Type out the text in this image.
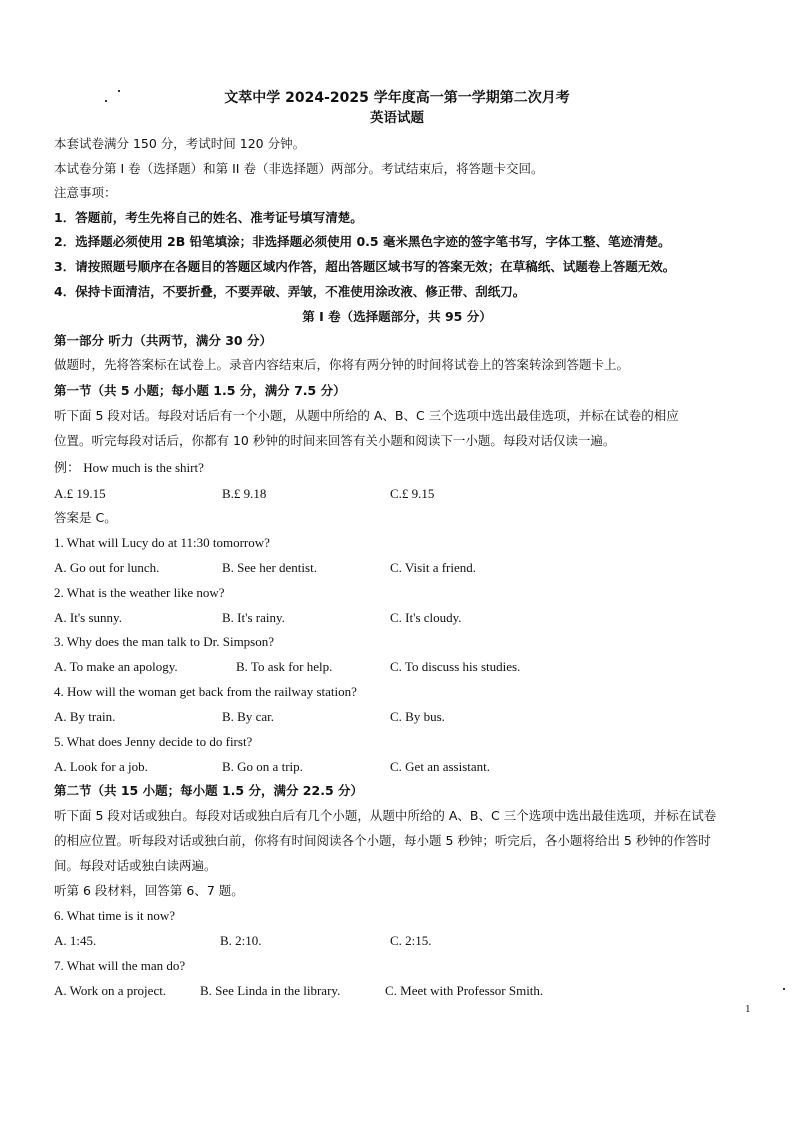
文萃中学 2024-2025 学年度高一第一学期第二次月考
英语试题
本套试卷满分 150 分，考试时间 120 分钟。
本试卷分第 I 卷（选择题）和第 II 卷（非选择题）两部分。考试结束后，将答题卡交回。
注意事项：
1．答题前，考生先将自己的姓名、准考证号填写清楚。
2．选择题必须使用 2B 铅笔填涂；非选择题必须使用 0.5 毫米黑色字迹的签字笔书写，字体工整、笔迹清楚。
3．请按照题号顺序在各题目的答题区域内作答，超出答题区域书写的答案无效；在草稿纸、试题卷上答题无效。
4．保持卡面清洁，不要折叠，不要弄破、弄皱，不准使用涂改液、修正带、刮纸刀。
第 I 卷（选择题部分，共 95 分）
第一部分 听力（共两节，满分 30 分）
做题时，先将答案标在试卷上。录音内容结束后，你将有两分钟的时间将试卷上的答案转涂到答题卡上。
第一节（共 5 小题；每小题 1.5 分，满分 7.5 分）
听下面 5 段对话。每段对话后有一个小题，从题中所给的 A、B、C 三个选项中选出最佳选项，并标在试卷的相应
位置。听完每段对话后，你都有 10 秒钟的时间来回答有关小题和阅读下一小题。每段对话仅读一遍。
例： How much is the shirt?
A.£ 19.15	B.£ 9.18	C.£ 9.15
答案是 C。
1. What will Lucy do at 11:30 tomorrow?
A. Go out for lunch.	B. See her dentist.	C. Visit a friend.
2. What is the weather like now?
A. It's sunny.	B. It's rainy.	C. It's cloudy.
3. Why does the man talk to Dr. Simpson?
A. To make an apology.	B. To ask for help.	C. To discuss his studies.
4. How will the woman get back from the railway station?
A. By train.	B. By car.	C. By bus.
5. What does Jenny decide to do first?
A. Look for a job.	B. Go on a trip.	C. Get an assistant.
第二节（共 15 小题；每小题 1.5 分，满分 22.5 分）
听下面 5 段对话或独白。每段对话或独白后有几个小题，从题中所给的 A、B、C 三个选项中选出最佳选项，并标在试卷
的相应位置。听每段对话或独白前，你将有时间阅读各个小题，每小题 5 秒钟；听完后，各小题将给出 5 秒钟的作答时
间。每段对话或独白读两遍。
听第 6 段材料，回答第 6、7 题。
6. What time is it now?
A. 1:45.	B. 2:10.	C. 2:15.
7. What will the man do?
A. Work on a project.	B. See Linda in the library.	C. Meet with Professor Smith.
1
